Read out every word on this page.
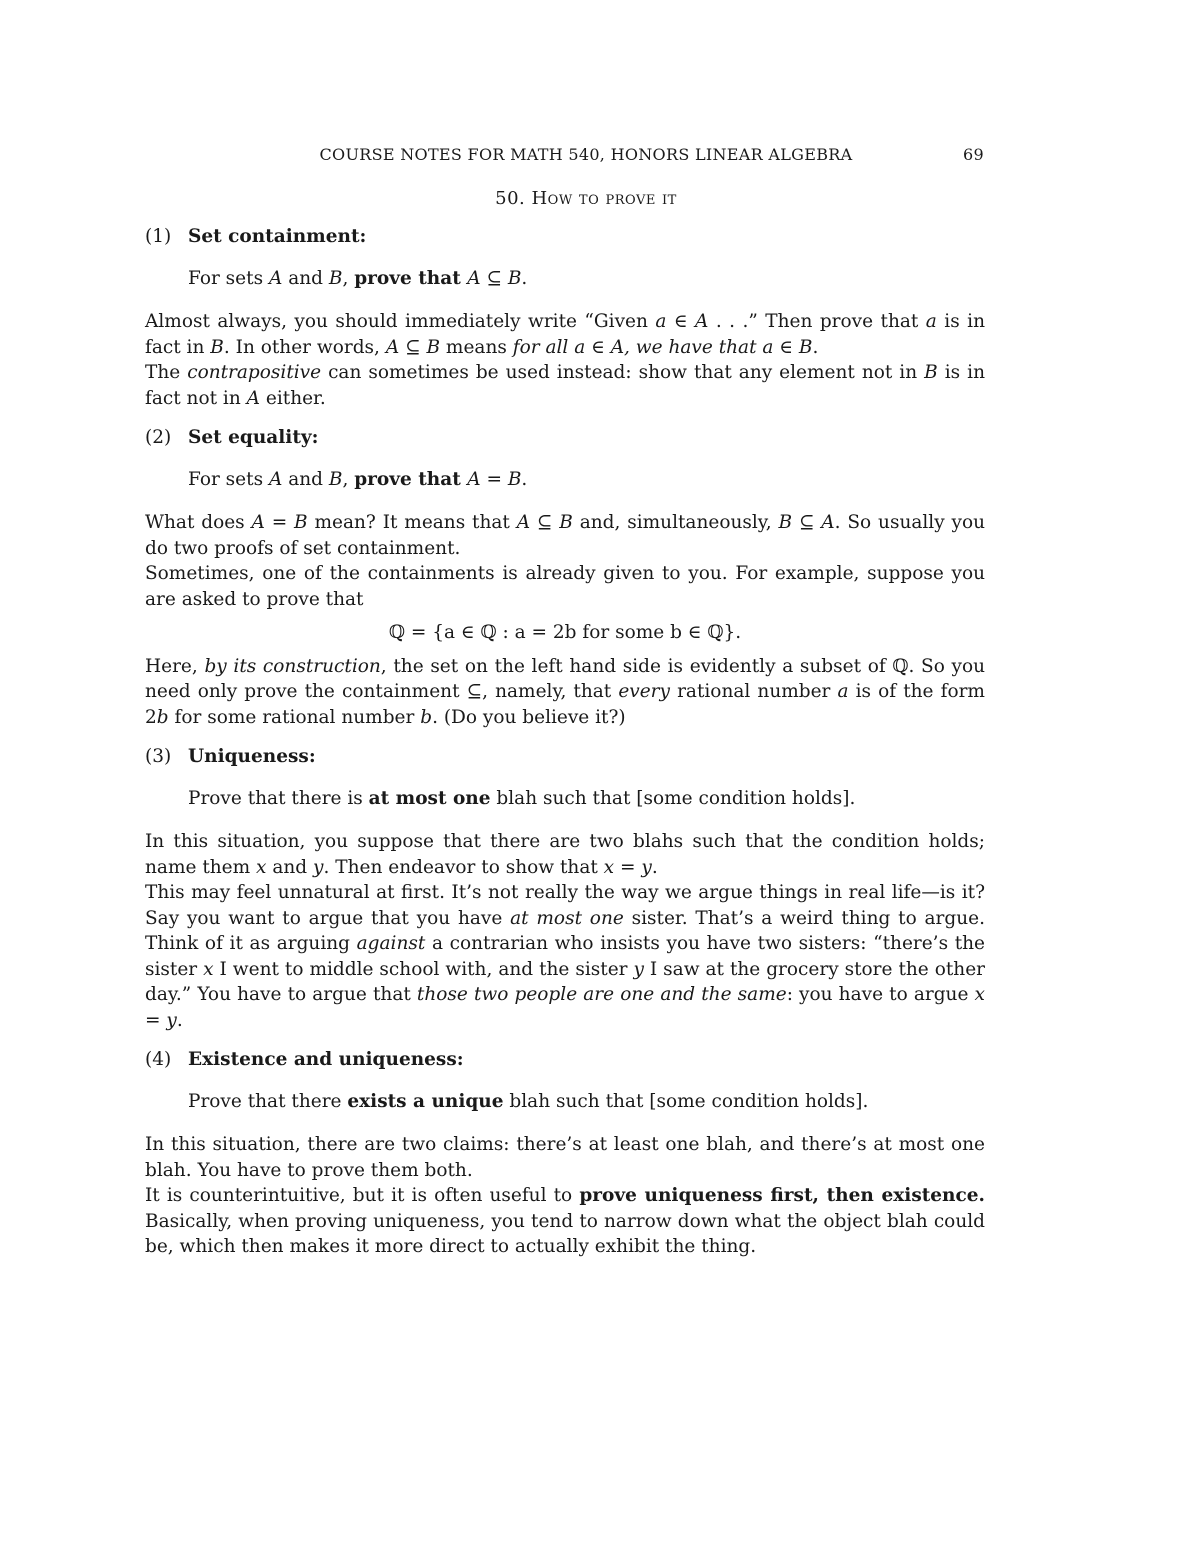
COURSE NOTES FOR MATH 540, HONORS LINEAR ALGEBRA	69
50. How to prove it
(1) Set containment:
For sets A and B, prove that A ⊆ B.
Almost always, you should immediately write “Given a ∈ A . . .” Then prove that a is in fact in B. In other words, A ⊆ B means for all a ∈ A, we have that a ∈ B.
The contrapositive can sometimes be used instead: show that any element not in B is in fact not in A either.
(2) Set equality:
For sets A and B, prove that A = B.
What does A = B mean? It means that A ⊆ B and, simultaneously, B ⊆ A. So usually you do two proofs of set containment.
Sometimes, one of the containments is already given to you. For example, suppose you are asked to prove that
ℚ = {a ∈ ℚ : a = 2b for some b ∈ ℚ}.
Here, by its construction, the set on the left hand side is evidently a subset of ℚ. So you need only prove the containment ⊆, namely, that every rational number a is of the form 2b for some rational number b. (Do you believe it?)
(3) Uniqueness:
Prove that there is at most one blah such that [some condition holds].
In this situation, you suppose that there are two blahs such that the condition holds; name them x and y. Then endeavor to show that x = y.
This may feel unnatural at first. It’s not really the way we argue things in real life—is it? Say you want to argue that you have at most one sister. That’s a weird thing to argue. Think of it as arguing against a contrarian who insists you have two sisters: “there’s the sister x I went to middle school with, and the sister y I saw at the grocery store the other day.” You have to argue that those two people are one and the same: you have to argue x = y.
(4) Existence and uniqueness:
Prove that there exists a unique blah such that [some condition holds].
In this situation, there are two claims: there’s at least one blah, and there’s at most one blah. You have to prove them both.
It is counterintuitive, but it is often useful to prove uniqueness first, then existence. Basically, when proving uniqueness, you tend to narrow down what the object blah could be, which then makes it more direct to actually exhibit the thing.
